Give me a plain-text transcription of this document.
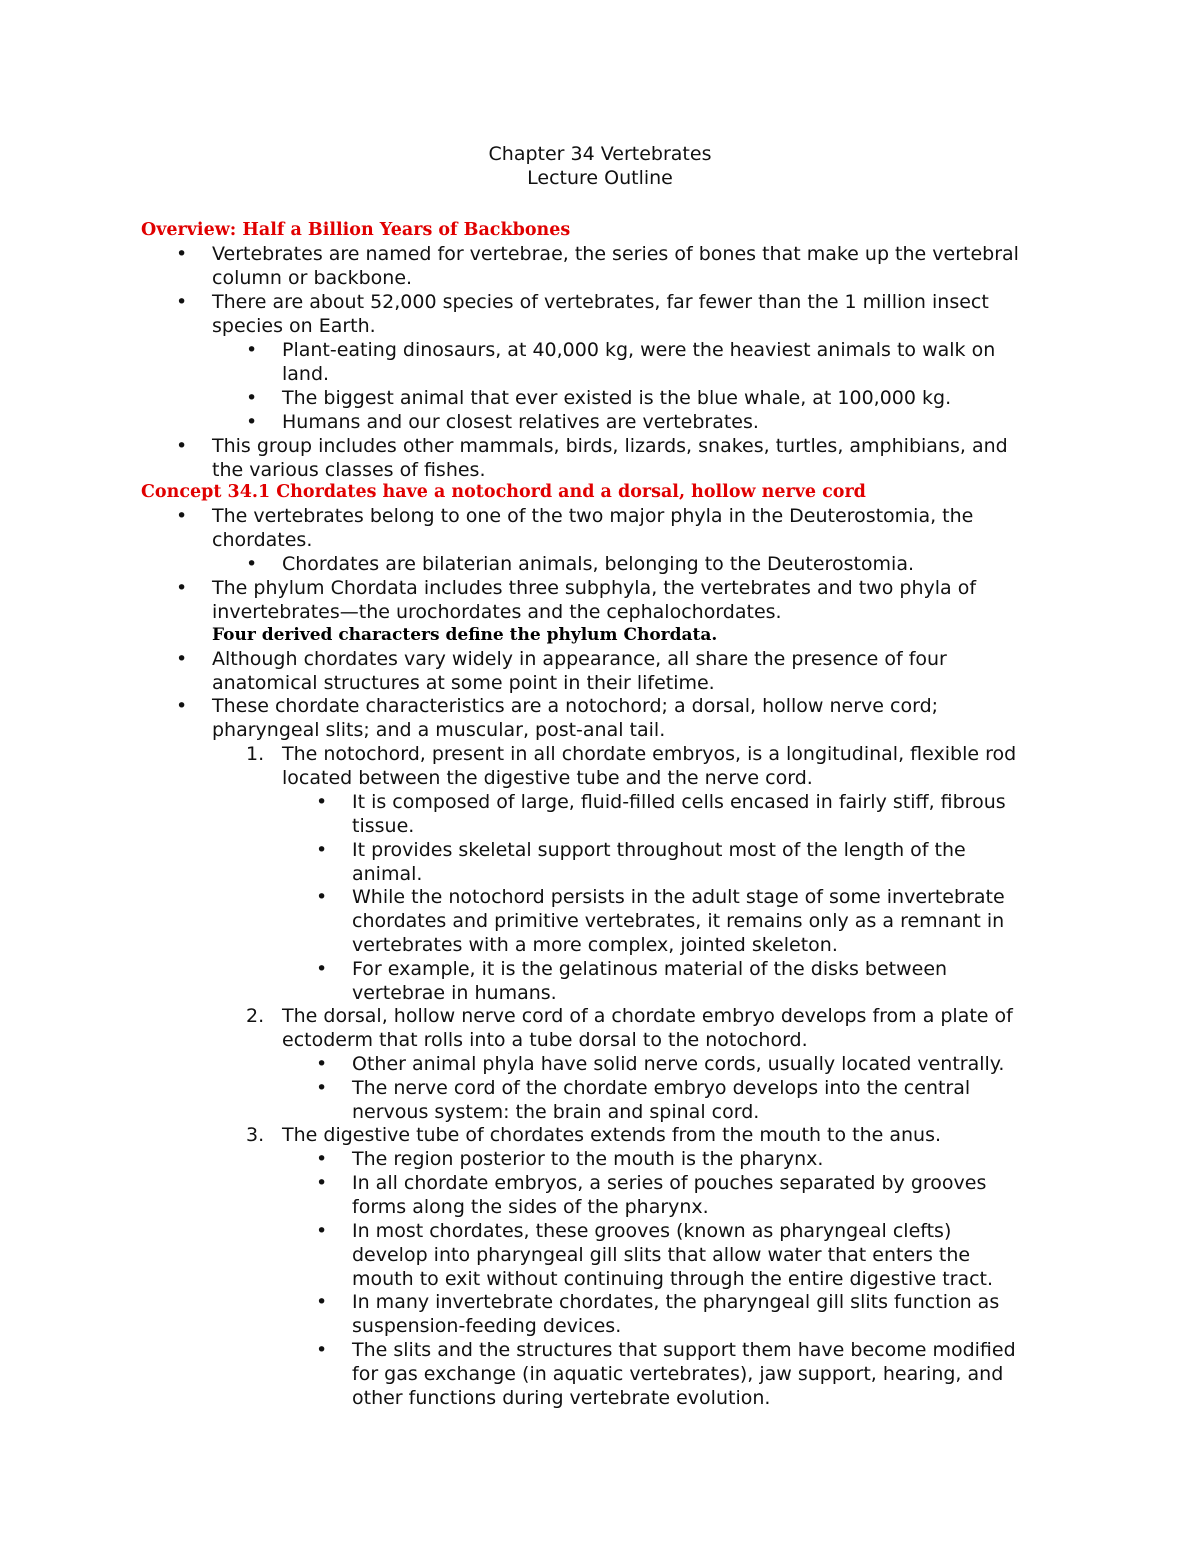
Chapter 34 Vertebrates
Lecture Outline
Overview: Half a Billion Years of Backbones
• Vertebrates are named for vertebrae, the series of bones that make up the vertebral
column or backbone.
• There are about 52,000 species of vertebrates, far fewer than the 1 million insect
species on Earth.
• Plant-eating dinosaurs, at 40,000 kg, were the heaviest animals to walk on
land.
• The biggest animal that ever existed is the blue whale, at 100,000 kg.
• Humans and our closest relatives are vertebrates.
• This group includes other mammals, birds, lizards, snakes, turtles, amphibians, and
the various classes of fishes.
Concept 34.1 Chordates have a notochord and a dorsal, hollow nerve cord
Four derived characters define the phylum Chordata.
• The vertebrates belong to one of the two major phyla in the Deuterostomia, the
chordates.
• Chordates are bilaterian animals, belonging to the Deuterostomia.
• The phylum Chordata includes three subphyla, the vertebrates and two phyla of
invertebrates—the urochordates and the cephalochordates.
• Although chordates vary widely in appearance, all share the presence of four
anatomical structures at some point in their lifetime.
• These chordate characteristics are a notochord; a dorsal, hollow nerve cord;
pharyngeal slits; and a muscular, post-anal tail.
1. The notochord, present in all chordate embryos, is a longitudinal, flexible rod
located between the digestive tube and the nerve cord.
• It is composed of large, fluid-filled cells encased in fairly stiff, fibrous
tissue.
• It provides skeletal support throughout most of the length of the
animal.
• While the notochord persists in the adult stage of some invertebrate
chordates and primitive vertebrates, it remains only as a remnant in
vertebrates with a more complex, jointed skeleton.
• For example, it is the gelatinous material of the disks between
vertebrae in humans.
2. The dorsal, hollow nerve cord of a chordate embryo develops from a plate of
ectoderm that rolls into a tube dorsal to the notochord.
• Other animal phyla have solid nerve cords, usually located ventrally.
• The nerve cord of the chordate embryo develops into the central
nervous system: the brain and spinal cord.
3. The digestive tube of chordates extends from the mouth to the anus.
• The region posterior to the mouth is the pharynx.
• In all chordate embryos, a series of pouches separated by grooves
forms along the sides of the pharynx.
• In most chordates, these grooves (known as pharyngeal clefts)
develop into pharyngeal gill slits that allow water that enters the
mouth to exit without continuing through the entire digestive tract.
• In many invertebrate chordates, the pharyngeal gill slits function as
suspension-feeding devices.
• The slits and the structures that support them have become modified
for gas exchange (in aquatic vertebrates), jaw support, hearing, and
other functions during vertebrate evolution.
